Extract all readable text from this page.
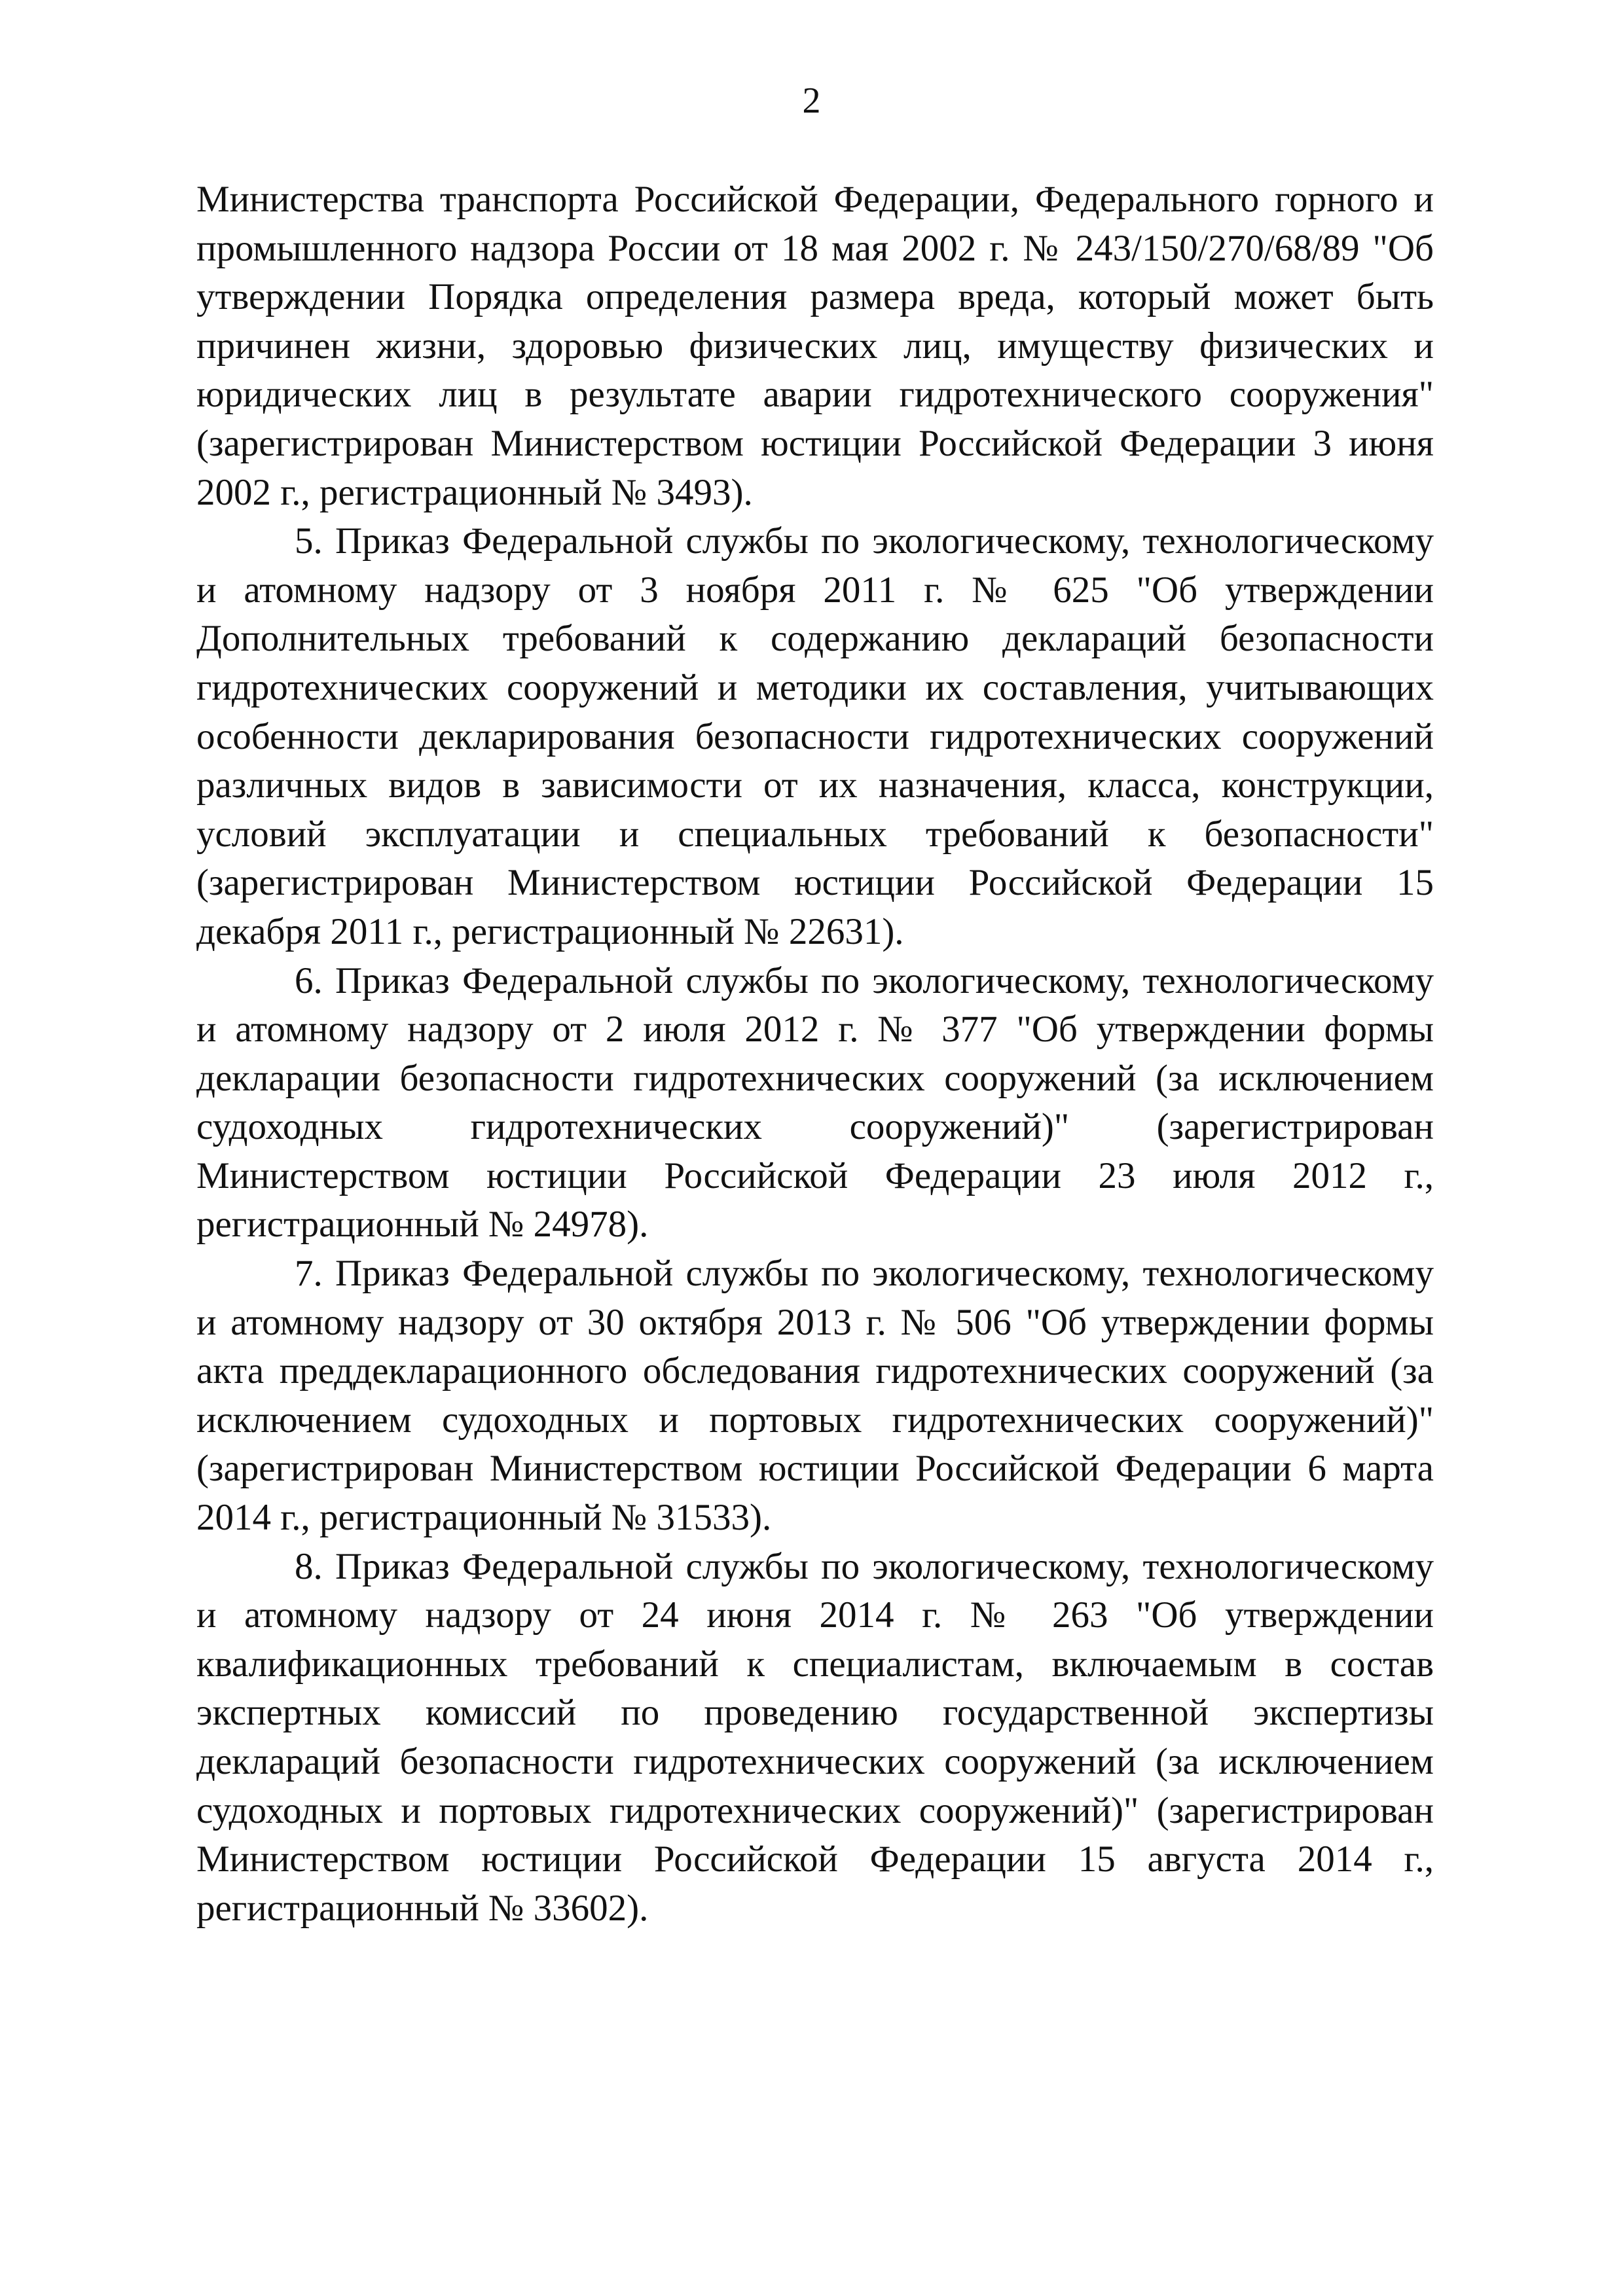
2

Министерства транспорта Российской Федерации, Федерального горного и промышленного надзора России от 18 мая 2002 г. № 243/150/270/68/89 "Об утверждении Порядка определения размера вреда, который может быть причинен жизни, здоровью физических лиц, имуществу физических и юридических лиц в результате аварии гидротехнического сооружения" (зарегистрирован Министерством юстиции Российской Федерации 3 июня 2002 г., регистрационный № 3493).

5. Приказ Федеральной службы по экологическому, технологическому и атомному надзору от 3 ноября 2011 г. № 625 "Об утверждении Дополнительных требований к содержанию деклараций безопасности гидротехнических сооружений и методики их составления, учитывающих особенности декларирования безопасности гидротехнических сооружений различных видов в зависимости от их назначения, класса, конструкции, условий эксплуатации и специальных требований к безопасности" (зарегистрирован Министерством юстиции Российской Федерации 15 декабря 2011 г., регистрационный № 22631).

6. Приказ Федеральной службы по экологическому, технологическому и атомному надзору от 2 июля 2012 г. № 377 "Об утверждении формы декларации безопасности гидротехнических сооружений (за исключением судоходных гидротехнических сооружений)" (зарегистрирован Министерством юстиции Российской Федерации 23 июля 2012 г., регистрационный № 24978).

7. Приказ Федеральной службы по экологическому, технологическому и атомному надзору от 30 октября 2013 г. № 506 "Об утверждении формы акта преддекларационного обследования гидротехнических сооружений (за исключением судоходных и портовых гидротехнических сооружений)" (зарегистрирован Министерством юстиции Российской Федерации 6 марта 2014 г., регистрационный № 31533).

8. Приказ Федеральной службы по экологическому, технологическому и атомному надзору от 24 июня 2014 г. № 263 "Об утверждении квалификационных требований к специалистам, включаемым в состав экспертных комиссий по проведению государственной экспертизы деклараций безопасности гидротехнических сооружений (за исключением судоходных и портовых гидротехнических сооружений)" (зарегистрирован Министерством юстиции Российской Федерации 15 августа 2014 г., регистрационный № 33602).
